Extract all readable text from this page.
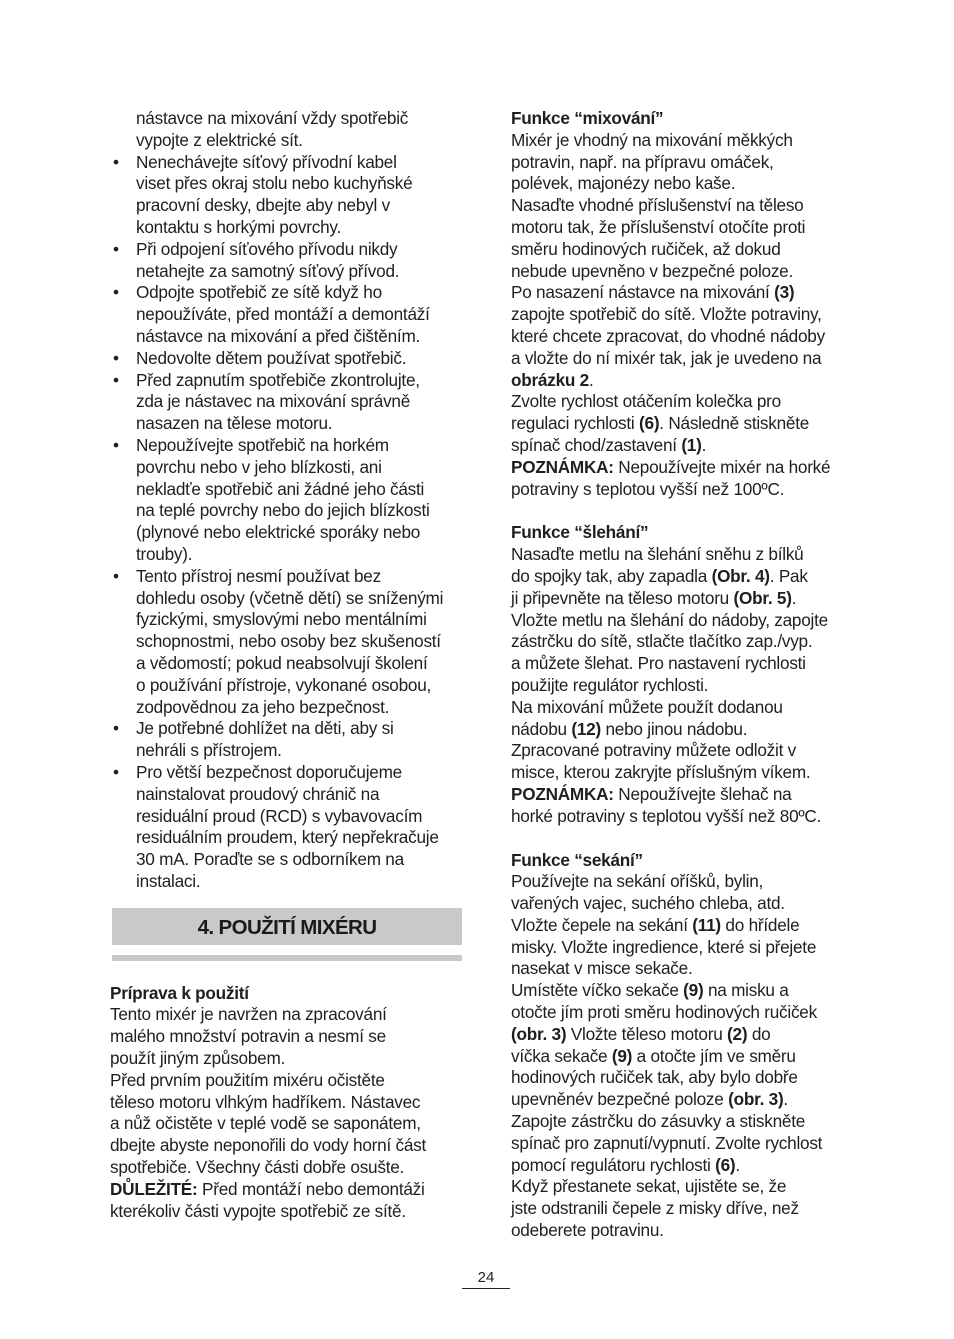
nástavce na mixování vždy spotřebič

vypojte z elektrické sít.

• Nenechávejte síťový přívodní kabel

viset přes okraj stolu nebo kuchyňské

pracovní desky, dbejte aby nebyl v

kontaktu s horkými povrchy.

• Při odpojení síťového přívodu nikdy

netahejte za samotný síťový přívod.

• Odpojte spotřebič ze sítě když ho

nepoužíváte, před montáží a demontáží

nástavce na mixování a před čištěním.

• Nedovolte dětem používat spotřebič.

• Před zapnutím spotřebiče zkontrolujte,

zda je nástavec na mixování správně

nasazen na tělese motoru.

• Nepoužívejte spotřebič na horkém

povrchu nebo v jeho blízkosti, ani

nekladťe spotřebič ani žádné jeho části

na teplé povrchy nebo do jejich blízkosti

(plynové nebo elektrické sporáky nebo

trouby).

• Tento přístroj nesmí používat bez

dohledu osoby (včetně dětí) se sníženými

fyzickými, smyslovými nebo mentálními

schopnostmi, nebo osoby bez skušeností

a vědomostí; pokud neabsolvují školení

o používání přístroje, vykonané osobou,

zodpovědnou za jeho bezpečnost.

• Je potřebné dohlížet na děti, aby si

nehráli s přístrojem.

• Pro větší bezpečnost doporučujeme

nainstalovat proudový chránič na

residuální proud (RCD) s vybavovacím

residuálním proudem, který nepřekračuje

30 mA. Poraďte se s odborníkem na

instalaci.

4. POUŽITÍ MIXÉRU

Príprava k použití

Tento mixér je navržen na zpracování

malého množství potravin a nesmí se

použít jiným způsobem.

Před prvním použitím mixéru očistěte

těleso motoru vlhkým hadříkem. Nástavec

a nůž očistěte v teplé vodě se saponátem,

dbejte abyste neponořili do vody horní část

spotřebiče. Všechny části dobře osušte.

DŮLEŽITÉ: Před montáží nebo demontáži

kterékoliv části vypojte spotřebič ze sítě.

Funkce “mixování”

Mixér je vhodný na mixování měkkých

potravin, např. na přípravu omáček,

polévek, majonézy nebo kaše.

Nasaďte vhodné příslušenství na těleso

motoru tak, že příslušenství otočíte proti

směru hodinových ručiček, až dokud

nebude upevněno v bezpečné poloze.

Po nasazení nástavce na mixování (3)

zapojte spotřebič do sítě. Vložte potraviny,

které chcete zpracovat, do vhodné nádoby

a vložte do ní mixér tak, jak je uvedeno na

obrázku 2.

Zvolte rychlost otáčením kolečka pro

regulaci rychlosti (6). Následně stiskněte

spínač chod/zastavení (1).

POZNÁMKA: Nepoužívejte mixér na horké

potraviny s teplotou vyšší než 100ºC.

Funkce “šlehání”

Nasaďte metlu na šlehání sněhu z bílků

do spojky tak, aby zapadla (Obr. 4). Pak

ji připevněte na těleso motoru (Obr. 5).

Vložte metlu na šlehání do nádoby, zapojte

zástrčku do sítě, stlačte tlačítko zap./vyp.

a můžete šlehat. Pro nastavení rychlosti

použijte regulátor rychlosti.

Na mixování můžete použít dodanou

nádobu (12) nebo jinou nádobu.

Zpracované potraviny můžete odložit v

misce, kterou zakryjte příslušným víkem.

POZNÁMKA: Nepoužívejte šlehač na

horké potraviny s teplotou vyšší než 80ºC.

Funkce “sekání”

Používejte na sekání oříšků, bylin,

vařených vajec, suchého chleba, atd.

Vložte čepele na sekání (11) do hřídele

misky. Vložte ingredience, které si přejete

nasekat v misce sekače.

Umístěte víčko sekače (9) na misku a

otočte jím proti směru hodinových ručiček

(obr. 3) Vložte těleso motoru (2) do

víčka sekače (9) a otočte jím ve směru

hodinových ručiček tak, aby bylo dobře

upevněnév bezpečné poloze (obr. 3).

Zapojte zástrčku do zásuvky a stiskněte

spínač pro zapnutí/vypnutí. Zvolte rychlost

pomocí regulátoru rychlosti (6).

Když přestanete sekat, ujistěte se, že

jste odstranili čepele z misky dříve, než

odeberete potravinu.

24
